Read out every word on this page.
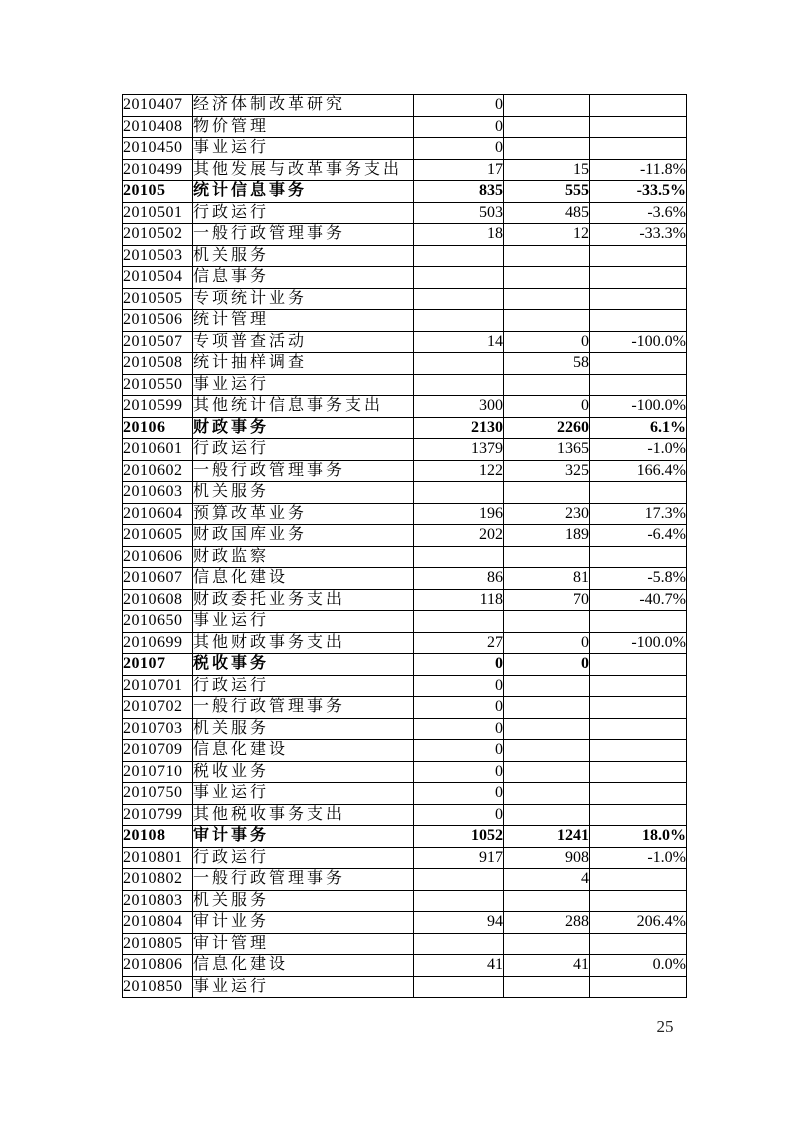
2010407	经济体制改革研究	0		
2010408	物价管理	0		
2010450	事业运行	0		
2010499	其他发展与改革事务支出	17	15	-11.8%
20105	统计信息事务	835	555	-33.5%
2010501	行政运行	503	485	-3.6%
2010502	一般行政管理事务	18	12	-33.3%
2010503	机关服务			
2010504	信息事务			
2010505	专项统计业务			
2010506	统计管理			
2010507	专项普查活动	14	0	-100.0%
2010508	统计抽样调查		58	
2010550	事业运行			
2010599	其他统计信息事务支出	300	0	-100.0%
20106	财政事务	2130	2260	6.1%
2010601	行政运行	1379	1365	-1.0%
2010602	一般行政管理事务	122	325	166.4%
2010603	机关服务			
2010604	预算改革业务	196	230	17.3%
2010605	财政国库业务	202	189	-6.4%
2010606	财政监察			
2010607	信息化建设	86	81	-5.8%
2010608	财政委托业务支出	118	70	-40.7%
2010650	事业运行			
2010699	其他财政事务支出	27	0	-100.0%
20107	税收事务	0	0	
2010701	行政运行	0		
2010702	一般行政管理事务	0		
2010703	机关服务	0		
2010709	信息化建设	0		
2010710	税收业务	0		
2010750	事业运行	0		
2010799	其他税收事务支出	0		
20108	审计事务	1052	1241	18.0%
2010801	行政运行	917	908	-1.0%
2010802	一般行政管理事务		4	
2010803	机关服务			
2010804	审计业务	94	288	206.4%
2010805	审计管理			
2010806	信息化建设	41	41	0.0%
2010850	事业运行			
25
